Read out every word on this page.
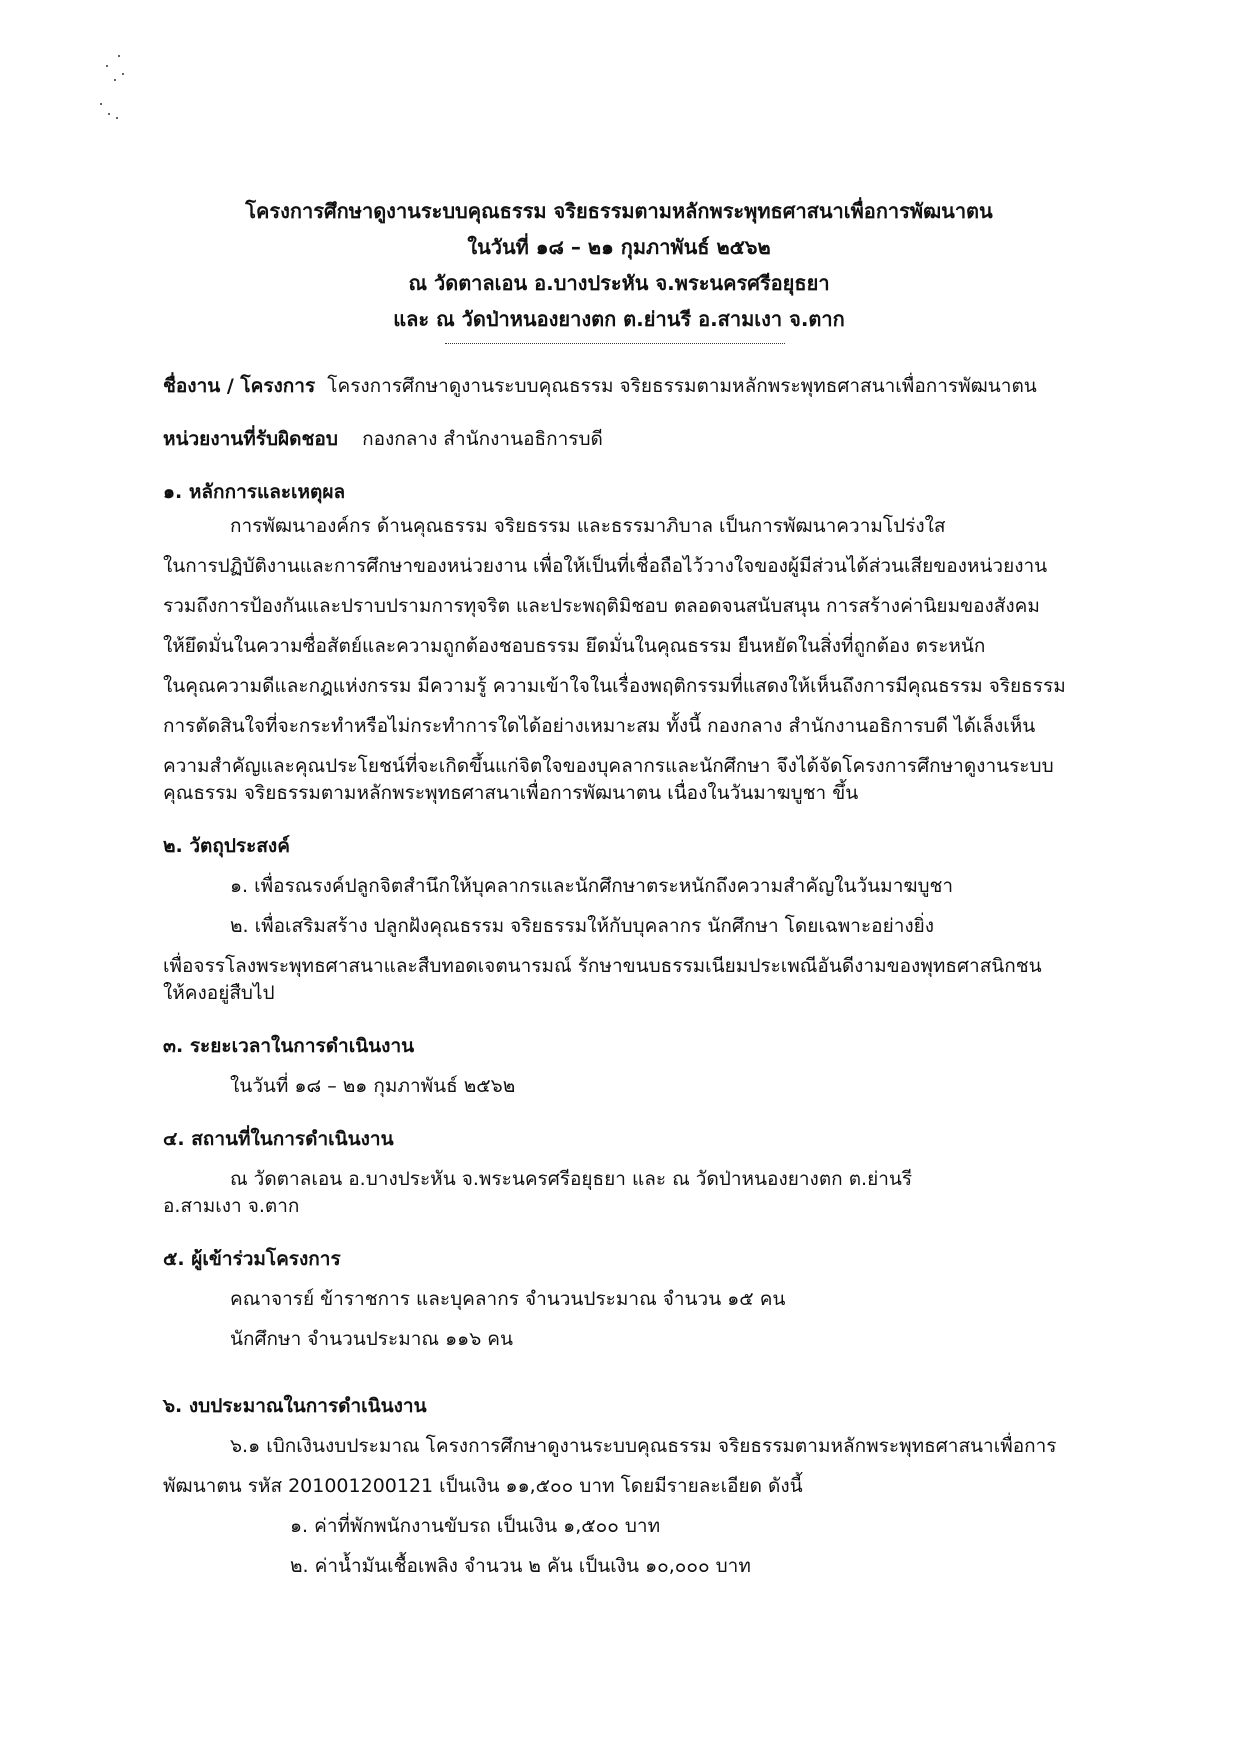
โครงการศึกษาดูงานระบบคุณธรรม จริยธรรมตามหลักพระพุทธศาสนาเพื่อการพัฒนาตน
ในวันที่ ๑๘ – ๒๑ กุมภาพันธ์ ๒๕๖๒
ณ วัดตาลเอน อ.บางประหัน จ.พระนครศรีอยุธยา
และ ณ วัดป่าหนองยางตก ต.ย่านรี อ.สามเงา จ.ตาก
ชื่องาน / โครงการ โครงการศึกษาดูงานระบบคุณธรรม จริยธรรมตามหลักพระพุทธศาสนาเพื่อการพัฒนาตน
หน่วยงานที่รับผิดชอบ กองกลาง สำนักงานอธิการบดี
๑. หลักการและเหตุผล
การพัฒนาองค์กร ด้านคุณธรรม จริยธรรม และธรรมาภิบาล เป็นการพัฒนาความโปร่งใส
ในการปฏิบัติงานและการศึกษาของหน่วยงาน เพื่อให้เป็นที่เชื่อถือไว้วางใจของผู้มีส่วนได้ส่วนเสียของหน่วยงาน
รวมถึงการป้องกันและปราบปรามการทุจริต และประพฤติมิชอบ ตลอดจนสนับสนุน การสร้างค่านิยมของสังคม
ให้ยึดมั่นในความซื่อสัตย์และความถูกต้องชอบธรรม ยึดมั่นในคุณธรรม ยืนหยัดในสิ่งที่ถูกต้อง ตระหนัก
ในคุณความดีและกฎแห่งกรรม มีความรู้ ความเข้าใจในเรื่องพฤติกรรมที่แสดงให้เห็นถึงการมีคุณธรรม จริยธรรม
การตัดสินใจที่จะกระทำหรือไม่กระทำการใดได้อย่างเหมาะสม ทั้งนี้ กองกลาง สำนักงานอธิการบดี ได้เล็งเห็น
ความสำคัญและคุณประโยชน์ที่จะเกิดขึ้นแก่จิตใจของบุคลากรและนักศึกษา จึงได้จัดโครงการศึกษาดูงานระบบ
คุณธรรม จริยธรรมตามหลักพระพุทธศาสนาเพื่อการพัฒนาตน เนื่องในวันมาฆบูชา ขึ้น
๒. วัตถุประสงค์
๑. เพื่อรณรงค์ปลูกจิตสำนึกให้บุคลากรและนักศึกษาตระหนักถึงความสำคัญในวันมาฆบูชา
๒. เพื่อเสริมสร้าง ปลูกฝังคุณธรรม จริยธรรมให้กับบุคลากร นักศึกษา โดยเฉพาะอย่างยิ่ง
เพื่อจรรโลงพระพุทธศาสนาและสืบทอดเจตนารมณ์ รักษาขนบธรรมเนียมประเพณีอันดีงามของพุทธศาสนิกชน
ให้คงอยู่สืบไป
๓. ระยะเวลาในการดำเนินงาน
ในวันที่ ๑๘ – ๒๑ กุมภาพันธ์ ๒๕๖๒
๔. สถานที่ในการดำเนินงาน
ณ วัดตาลเอน อ.บางประหัน จ.พระนครศรีอยุธยา และ ณ วัดป่าหนองยางตก ต.ย่านรี
อ.สามเงา จ.ตาก
๕. ผู้เข้าร่วมโครงการ
คณาจารย์ ข้าราชการ และบุคลากร จำนวนประมาณ จำนวน ๑๕ คน
นักศึกษา จำนวนประมาณ ๑๑๖ คน
๖. งบประมาณในการดำเนินงาน
๖.๑ เบิกเงินงบประมาณ โครงการศึกษาดูงานระบบคุณธรรม จริยธรรมตามหลักพระพุทธศาสนาเพื่อการ
พัฒนาตน รหัส 201001200121 เป็นเงิน ๑๑,๕๐๐ บาท โดยมีรายละเอียด ดังนี้
๑. ค่าที่พักพนักงานขับรถ เป็นเงิน ๑,๕๐๐ บาท
๒. ค่าน้ำมันเชื้อเพลิง จำนวน ๒ คัน เป็นเงิน ๑๐,๐๐๐ บาท
